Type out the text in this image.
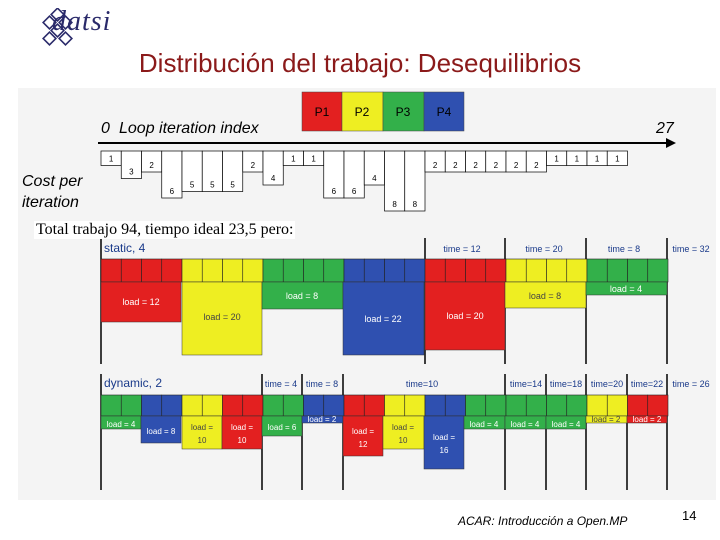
datsi
Distribución del trabajo: Desequilibrios
P1 P2 P3 P4
0 Loop iteration index	27
Cost per
iteration
1
3
2
6
5 5 5
2
4
1 1
6 6
4
8 8
2 2 2 2 2 2
1 1 1 1
static, 4	time = 12	time = 20	time = 8	time = 32
load = 12
load = 20
load = 8
load = 22	load = 20
load = 8
load = 4
dynamic, 2	time = 4 time = 8	time=10	time=14 time=18 time=20 time=22 time = 26
load = 4
load = 8 load =
10
load =
10
load = 6
load = 2
load =
12
load =
10	load =
16
load = 4 load = 4 load = 4
load = 2 load = 2
Total trabajo 94, tiempo ideal 23,5 pero:
ACAR: Introducción a Open.MP	14
